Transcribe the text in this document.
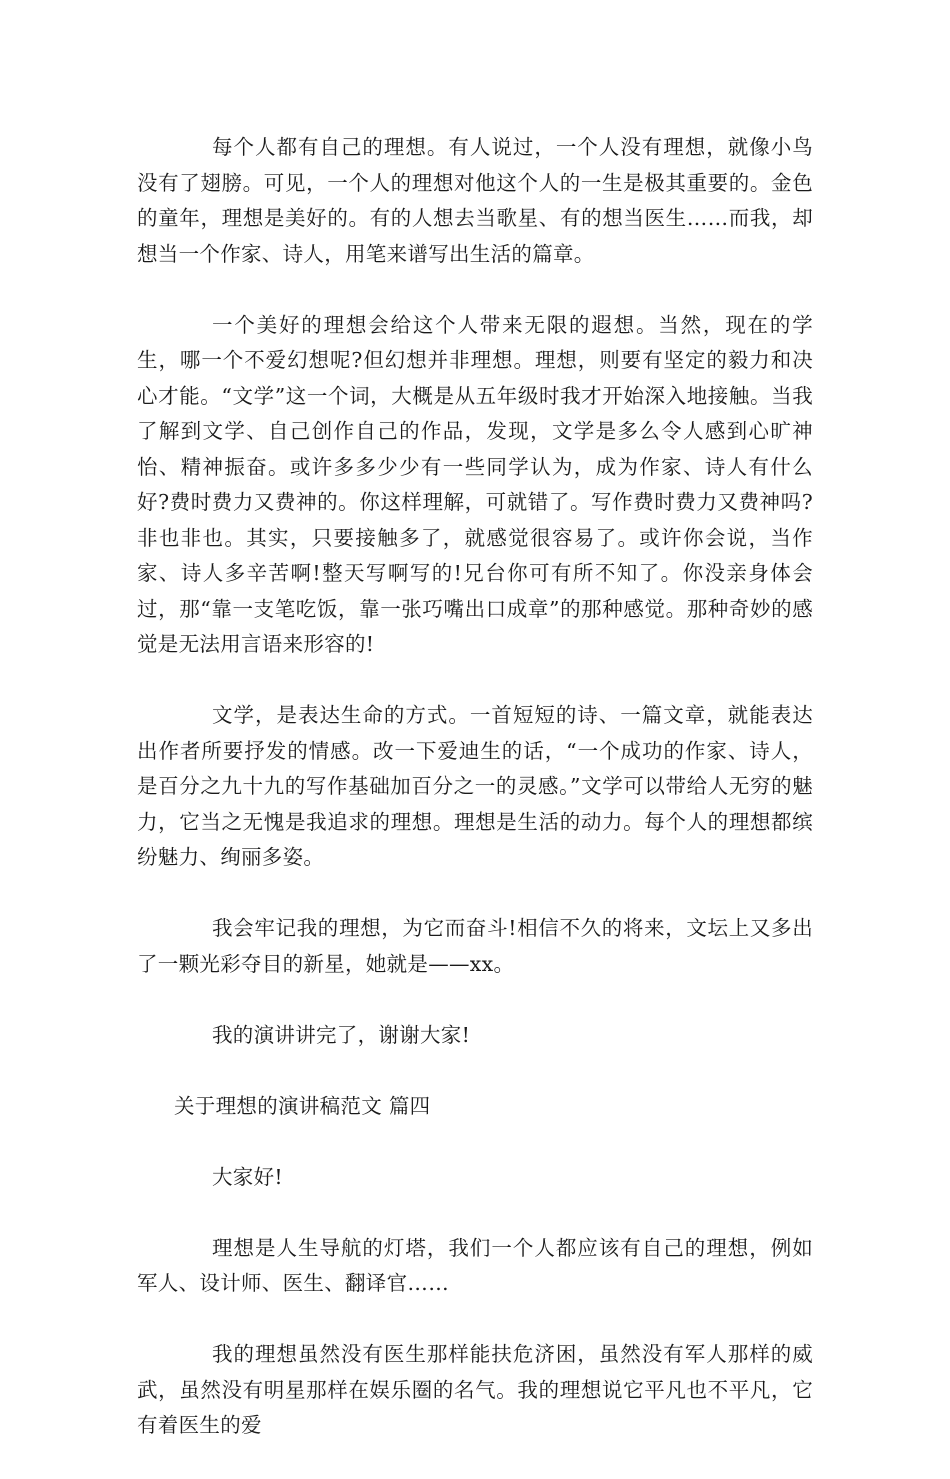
每个人都有自己的理想。有人说过，一个人没有理想，就像小鸟没有了翅膀。可见，一个人的理想对他这个人的一生是极其重要的。金色的童年，理想是美好的。有的人想去当歌星、有的想当医生……而我，却想当一个作家、诗人，用笔来谱写出生活的篇章。

一个美好的理想会给这个人带来无限的遐想。当然，现在的学生，哪一个不爱幻想呢?但幻想并非理想。理想，则要有坚定的毅力和决心才能。“文学”这一个词，大概是从五年级时我才开始深入地接触。当我了解到文学、自己创作自己的作品，发现，文学是多么令人感到心旷神怡、精神振奋。或许多多少少有一些同学认为，成为作家、诗人有什么好?费时费力又费神的。你这样理解，可就错了。写作费时费力又费神吗?非也非也。其实，只要接触多了，就感觉很容易了。或许你会说，当作家、诗人多辛苦啊!整天写啊写的!兄台你可有所不知了。你没亲身体会过，那“靠一支笔吃饭，靠一张巧嘴出口成章”的那种感觉。那种奇妙的感觉是无法用言语来形容的!

文学，是表达生命的方式。一首短短的诗、一篇文章，就能表达出作者所要抒发的情感。改一下爱迪生的话，“一个成功的作家、诗人，是百分之九十九的写作基础加百分之一的灵感。”文学可以带给人无穷的魅力，它当之无愧是我追求的理想。理想是生活的动力。每个人的理想都缤纷魅力、绚丽多姿。

我会牢记我的理想，为它而奋斗!相信不久的将来，文坛上又多出了一颗光彩夺目的新星，她就是——xx。

我的演讲讲完了，谢谢大家!

关于理想的演讲稿范文 篇四

大家好!

理想是人生导航的灯塔，我们一个人都应该有自己的理想，例如军人、设计师、医生、翻译官……

我的理想虽然没有医生那样能扶危济困，虽然没有军人那样的威武，虽然没有明星那样在娱乐圈的名气。我的理想说它平凡也不平凡，它有着医生的爱
